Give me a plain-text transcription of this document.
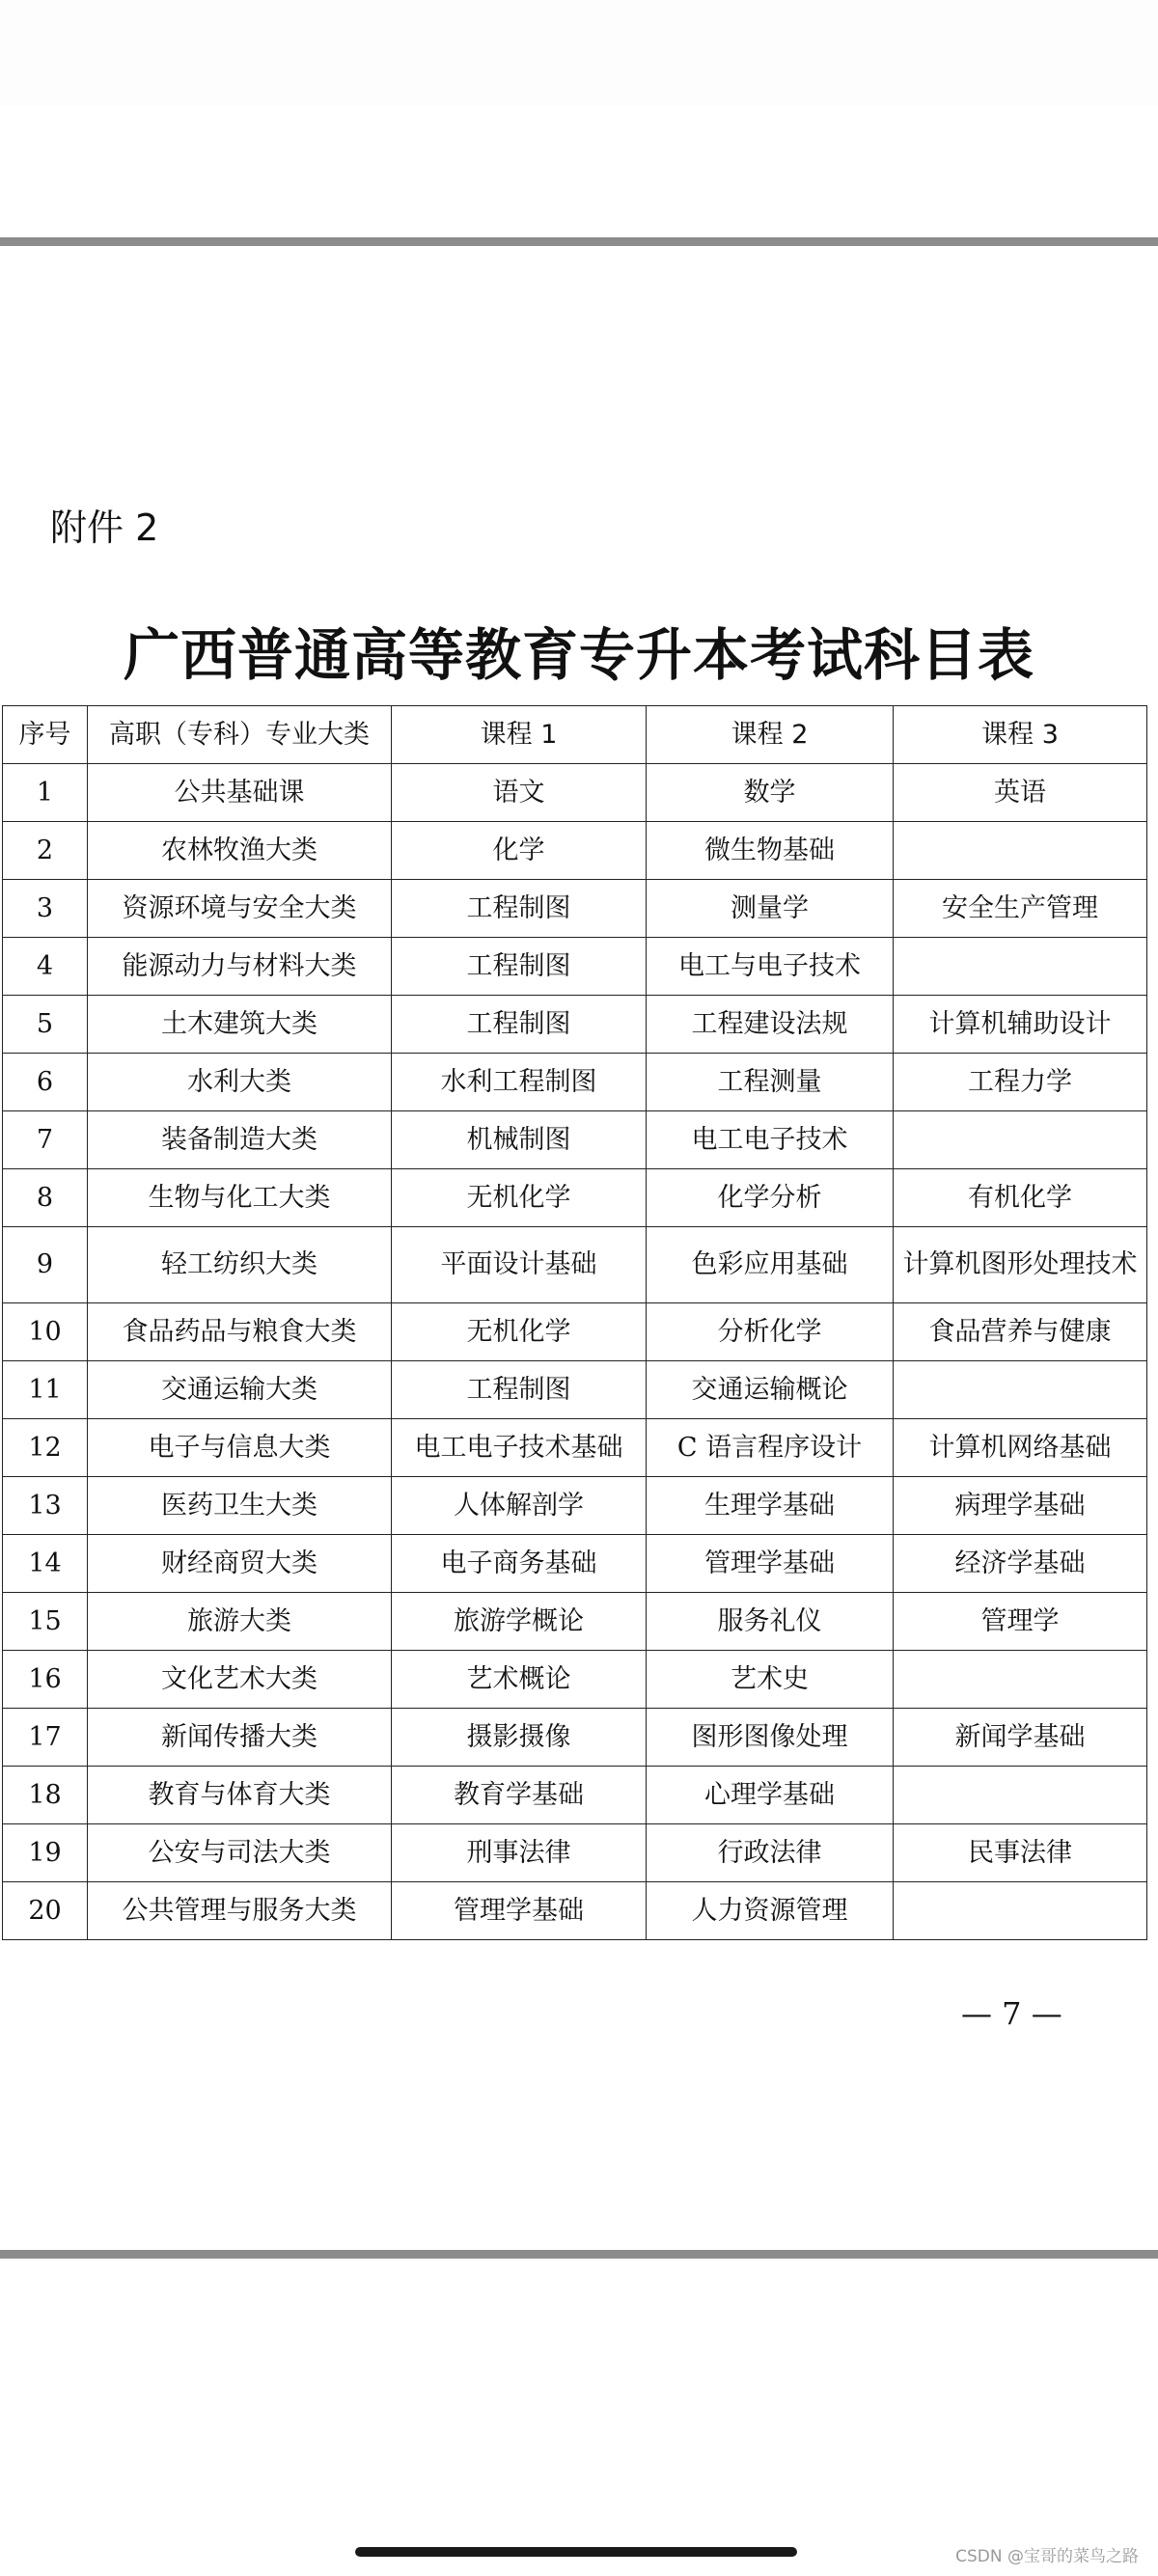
附件 2
广西普通高等教育专升本考试科目表
序号	高职（专科）专业大类	课程 1	课程 2	课程 3
1	公共基础课	语文	数学	英语
2	农林牧渔大类	化学	微生物基础	
3	资源环境与安全大类	工程制图	测量学	安全生产管理
4	能源动力与材料大类	工程制图	电工与电子技术	
5	土木建筑大类	工程制图	工程建设法规	计算机辅助设计
6	水利大类	水利工程制图	工程测量	工程力学
7	装备制造大类	机械制图	电工电子技术	
8	生物与化工大类	无机化学	化学分析	有机化学
9	轻工纺织大类	平面设计基础	色彩应用基础	计算机图形处理技术
10	食品药品与粮食大类	无机化学	分析化学	食品营养与健康
11	交通运输大类	工程制图	交通运输概论	
12	电子与信息大类	电工电子技术基础	C 语言程序设计	计算机网络基础
13	医药卫生大类	人体解剖学	生理学基础	病理学基础
14	财经商贸大类	电子商务基础	管理学基础	经济学基础
15	旅游大类	旅游学概论	服务礼仪	管理学
16	文化艺术大类	艺术概论	艺术史	
17	新闻传播大类	摄影摄像	图形图像处理	新闻学基础
18	教育与体育大类	教育学基础	心理学基础	
19	公安与司法大类	刑事法律	行政法律	民事法律
20	公共管理与服务大类	管理学基础	人力资源管理	
— 7 —
CSDN @宝哥的菜鸟之路
